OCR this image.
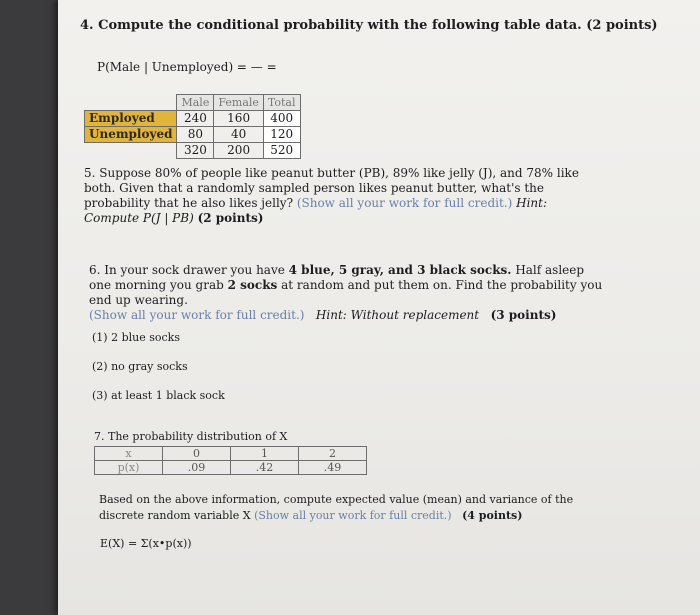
4. Compute the conditional probability with the following table data. (2 points)
P(Male | Unemployed) = — =
	Male	Female	Total
Employed	240	160	400
Unemployed	80	40	120
	320	200	520
5. Suppose 80% of people like peanut butter (PB), 89% like jelly (J), and 78% like both. Given that a randomly sampled person likes peanut butter, what's the probability that he also likes jelly? (Show all your work for full credit.) Hint: Compute P(J | PB) (2 points)
6. In your sock drawer you have 4 blue, 5 gray, and 3 black socks. Half asleep one morning you grab 2 socks at random and put them on. Find the probability you end up wearing.
(Show all your work for full credit.) Hint: Without replacement (3 points)
(1) 2 blue socks
(2) no gray socks
(3) at least 1 black sock
7. The probability distribution of X
x	0	1	2
p(x)	.09	.42	.49
Based on the above information, compute expected value (mean) and variance of the discrete random variable X (Show all your work for full credit.) (4 points)
E(X) = Σ(x•p(x))
